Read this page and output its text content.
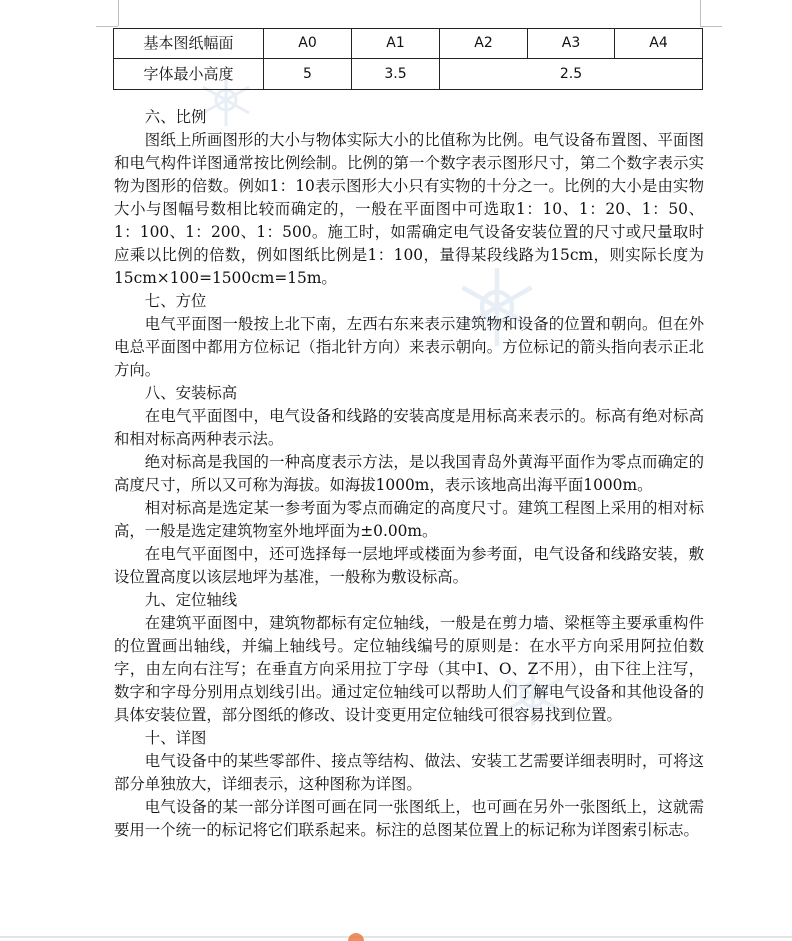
基本图纸幅面	A0	A1	A2	A3	A4
字体最小高度	5	3.5	2.5		
六、比例

图纸上所画图形的大小与物体实际大小的比值称为比例。电气设备布置图、平面图和电气构件详图通常按比例绘制。比例的第一个数字表示图形尺寸，第二个数字表示实物为图形的倍数。例如1：10表示图形大小只有实物的十分之一。比例的大小是由实物大小与图幅号数相比较而确定的，一般在平面图中可选取1：10、1：20、1：50、1：100、1：200、1：500。施工时，如需确定电气设备安装位置的尺寸或尺量取时应乘以比例的倍数，例如图纸比例是1：100，量得某段线路为15cm，则实际长度为15cm×100=1500cm=15m。

七、方位

电气平面图一般按上北下南，左西右东来表示建筑物和设备的位置和朝向。但在外电总平面图中都用方位标记（指北针方向）来表示朝向。方位标记的箭头指向表示正北方向。

八、安装标高

在电气平面图中，电气设备和线路的安装高度是用标高来表示的。标高有绝对标高和相对标高两种表示法。

绝对标高是我国的一种高度表示方法，是以我国青岛外黄海平面作为零点而确定的高度尺寸，所以又可称为海拔。如海拔1000m，表示该地高出海平面1000m。

相对标高是选定某一参考面为零点而确定的高度尺寸。建筑工程图上采用的相对标高，一般是选定建筑物室外地坪面为±0.00m。

在电气平面图中，还可选择每一层地坪或楼面为参考面，电气设备和线路安装，敷设位置高度以该层地坪为基准，一般称为敷设标高。

九、定位轴线

在建筑平面图中，建筑物都标有定位轴线，一般是在剪力墙、梁框等主要承重构件的位置画出轴线，并编上轴线号。定位轴线编号的原则是：在水平方向采用阿拉伯数字，由左向右注写；在垂直方向采用拉丁字母（其中I、O、Z不用），由下往上注写，数字和字母分别用点划线引出。通过定位轴线可以帮助人们了解电气设备和其他设备的具体安装位置，部分图纸的修改、设计变更用定位轴线可很容易找到位置。

十、详图

电气设备中的某些零部件、接点等结构、做法、安装工艺需要详细表明时，可将这部分单独放大，详细表示，这种图称为详图。

电气设备的某一部分详图可画在同一张图纸上，也可画在另外一张图纸上，这就需要用一个统一的标记将它们联系起来。标注的总图某位置上的标记称为详图索引标志。
